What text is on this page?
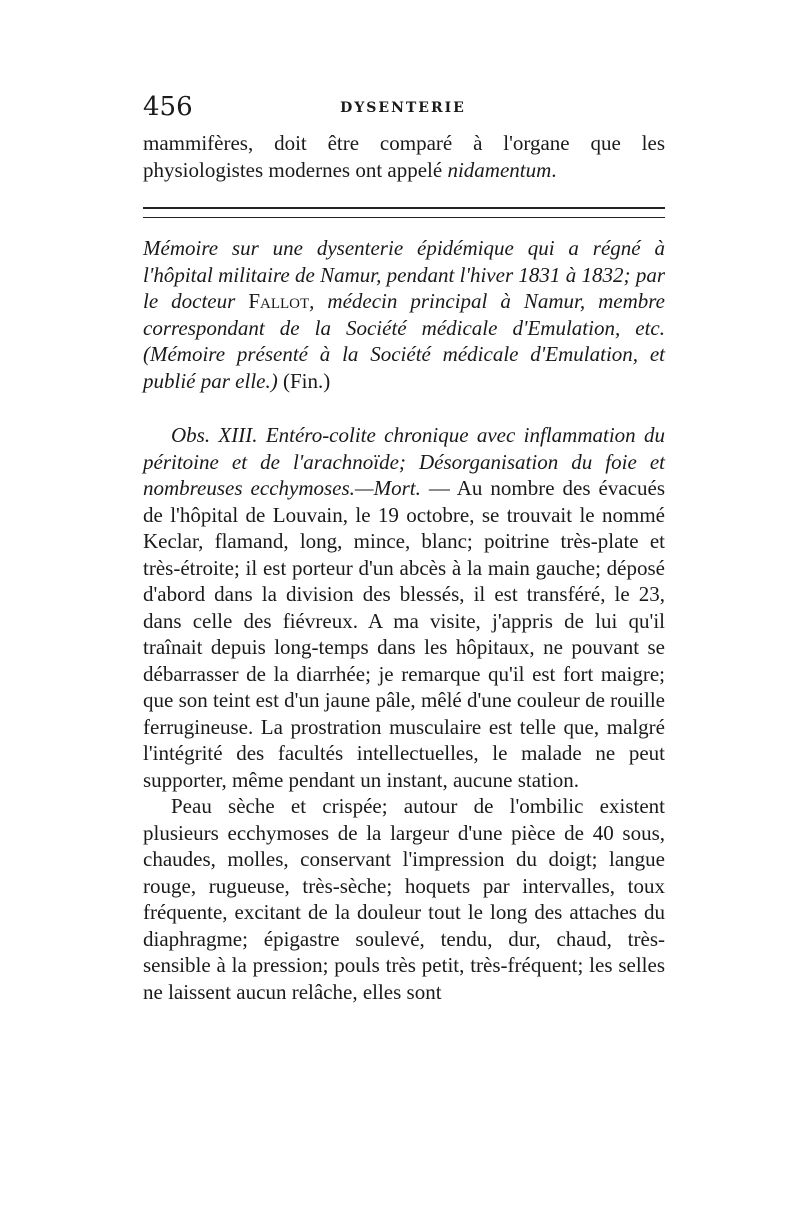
456	DYSENTERIE

mammifères, doit être comparé à l'organe que les physiologistes modernes ont appelé nidamentum.

Mémoire sur une dysenterie épidémique qui a régné à l'hôpital militaire de Namur, pendant l'hiver 1831 à 1832; par le docteur Fallot, médecin principal à Namur, membre correspondant de la Société médicale d'Emulation, etc. (Mémoire présenté à la Société médicale d'Emulation, et publié par elle.) (Fin.)

Obs. XIII. Entéro-colite chronique avec inflammation du péritoine et de l'arachnoïde; Désorganisation du foie et nombreuses ecchymoses.—Mort. — Au nombre des évacués de l'hôpital de Louvain, le 19 octobre, se trouvait le nommé Keclar, flamand, long, mince, blanc; poitrine très-plate et très-étroite; il est porteur d'un abcès à la main gauche; déposé d'abord dans la division des blessés, il est transféré, le 23, dans celle des fiévreux. A ma visite, j'appris de lui qu'il traînait depuis long-temps dans les hôpitaux, ne pouvant se débarrasser de la diarrhée; je remarque qu'il est fort maigre; que son teint est d'un jaune pâle, mêlé d'une couleur de rouille ferrugineuse. La prostration musculaire est telle que, malgré l'intégrité des facultés intellectuelles, le malade ne peut supporter, même pendant un instant, aucune station.

Peau sèche et crispée; autour de l'ombilic existent plusieurs ecchymoses de la largeur d'une pièce de 40 sous, chaudes, molles, conservant l'impression du doigt; langue rouge, rugueuse, très-sèche; hoquets par intervalles, toux fréquente, excitant de la douleur tout le long des attaches du diaphragme; épigastre soulevé, tendu, dur, chaud, très-sensible à la pression; pouls très petit, très-fréquent; les selles ne laissent aucun relâche, elles sont
